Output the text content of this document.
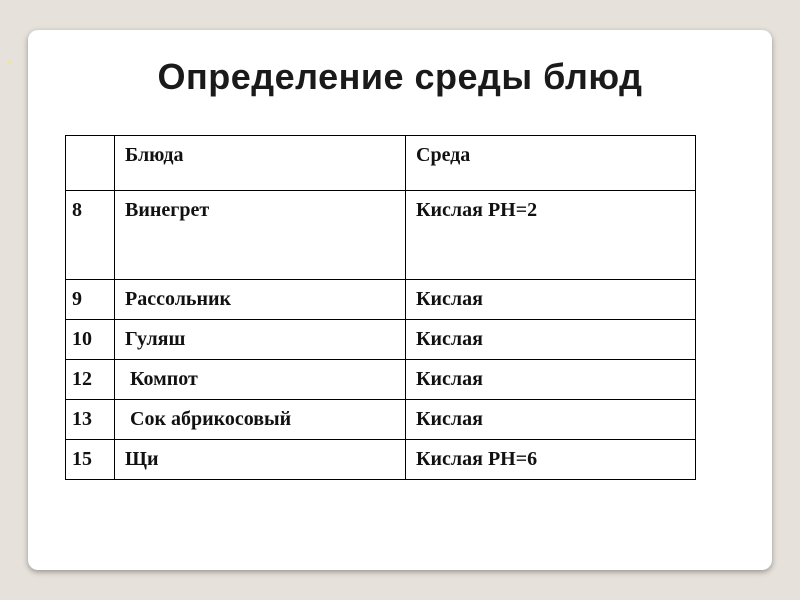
Определение среды блюд
	Блюда	Среда
8	Винегрет	Кислая РН=2
9	Рассольник	Кислая
10	Гуляш	Кислая
12	Компот	Кислая
13	Сок абрикосовый	Кислая
15	Щи	Кислая РН=6
